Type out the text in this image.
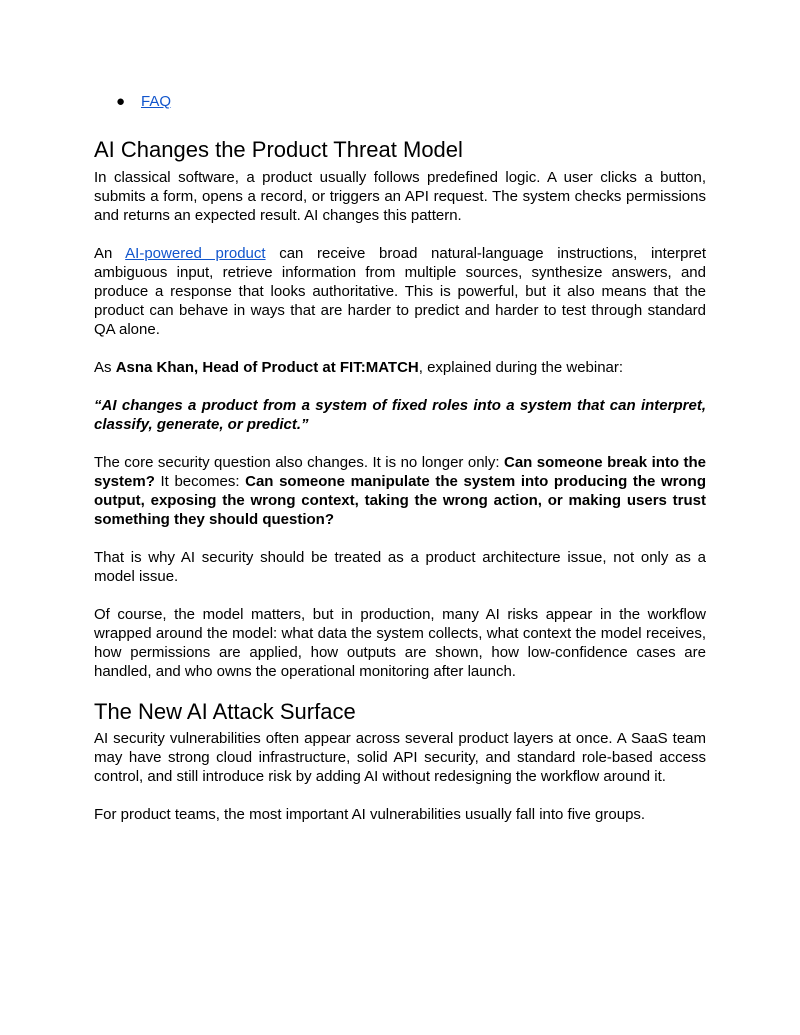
● FAQ
AI Changes the Product Threat Model

In classical software, a product usually follows predefined logic. A user clicks a button, submits a form, opens a record, or triggers an API request. The system checks permissions and returns an expected result. AI changes this pattern.

An AI-powered product can receive broad natural-language instructions, interpret ambiguous input, retrieve information from multiple sources, synthesize answers, and produce a response that looks authoritative. This is powerful, but it also means that the product can behave in ways that are harder to predict and harder to test through standard QA alone.

As Asna Khan, Head of Product at FIT:MATCH, explained during the webinar:

“AI changes a product from a system of fixed roles into a system that can interpret, classify, generate, or predict.”

The core security question also changes. It is no longer only: Can someone break into the system? It becomes: Can someone manipulate the system into producing the wrong output, exposing the wrong context, taking the wrong action, or making users trust something they should question?

That is why AI security should be treated as a product architecture issue, not only as a model issue.

Of course, the model matters, but in production, many AI risks appear in the workflow wrapped around the model: what data the system collects, what context the model receives, how permissions are applied, how outputs are shown, how low-confidence cases are handled, and who owns the operational monitoring after launch.

The New AI Attack Surface

AI security vulnerabilities often appear across several product layers at once. A SaaS team may have strong cloud infrastructure, solid API security, and standard role-based access control, and still introduce risk by adding AI without redesigning the workflow around it.

For product teams, the most important AI vulnerabilities usually fall into five groups.
